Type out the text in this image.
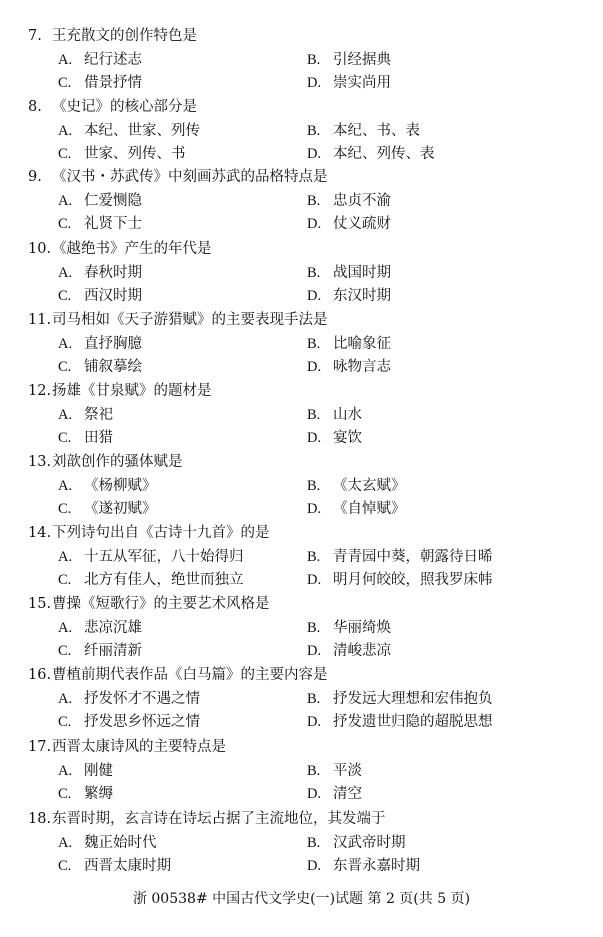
7. 王充散文的创作特色是
A. 纪行述志	B. 引经据典
C. 借景抒情	D. 崇实尚用
8. 《史记》的核心部分是
A. 本纪、世家、列传	B. 本纪、书、表
C. 世家、列传、书	D. 本纪、列传、表
9. 《汉书・苏武传》中刻画苏武的品格特点是
A. 仁爱恻隐	B. 忠贞不渝
C. 礼贤下士	D. 仗义疏财
10.《越绝书》产生的年代是
A. 春秋时期	B. 战国时期
C. 西汉时期	D. 东汉时期
11.司马相如《天子游猎赋》的主要表现手法是
A. 直抒胸臆	B. 比喻象征
C. 铺叙摹绘	D. 咏物言志
12.扬雄《甘泉赋》的题材是
A. 祭祀	B. 山水
C. 田猎	D. 宴饮
13.刘歆创作的骚体赋是
A. 《杨柳赋》	B. 《太玄赋》
C. 《遂初赋》	D. 《自悼赋》
14.下列诗句出自《古诗十九首》的是
A. 十五从军征，八十始得归	B. 青青园中葵，朝露待日晞
C. 北方有佳人，绝世而独立	D. 明月何皎皎，照我罗床帏
15.曹操《短歌行》的主要艺术风格是
A. 悲凉沉雄	B. 华丽绮焕
C. 纤丽清新	D. 清峻悲凉
16.曹植前期代表作品《白马篇》的主要内容是
A. 抒发怀才不遇之情	B. 抒发远大理想和宏伟抱负
C. 抒发思乡怀远之情	D. 抒发遗世归隐的超脱思想
17.西晋太康诗风的主要特点是
A. 刚健	B. 平淡
C. 繁缛	D. 清空
18.东晋时期，玄言诗在诗坛占据了主流地位，其发端于
A. 魏正始时代	B. 汉武帝时期
C. 西晋太康时期	D. 东晋永嘉时期
浙 00538# 中国古代文学史(一)试题 第 2 页(共 5 页)
